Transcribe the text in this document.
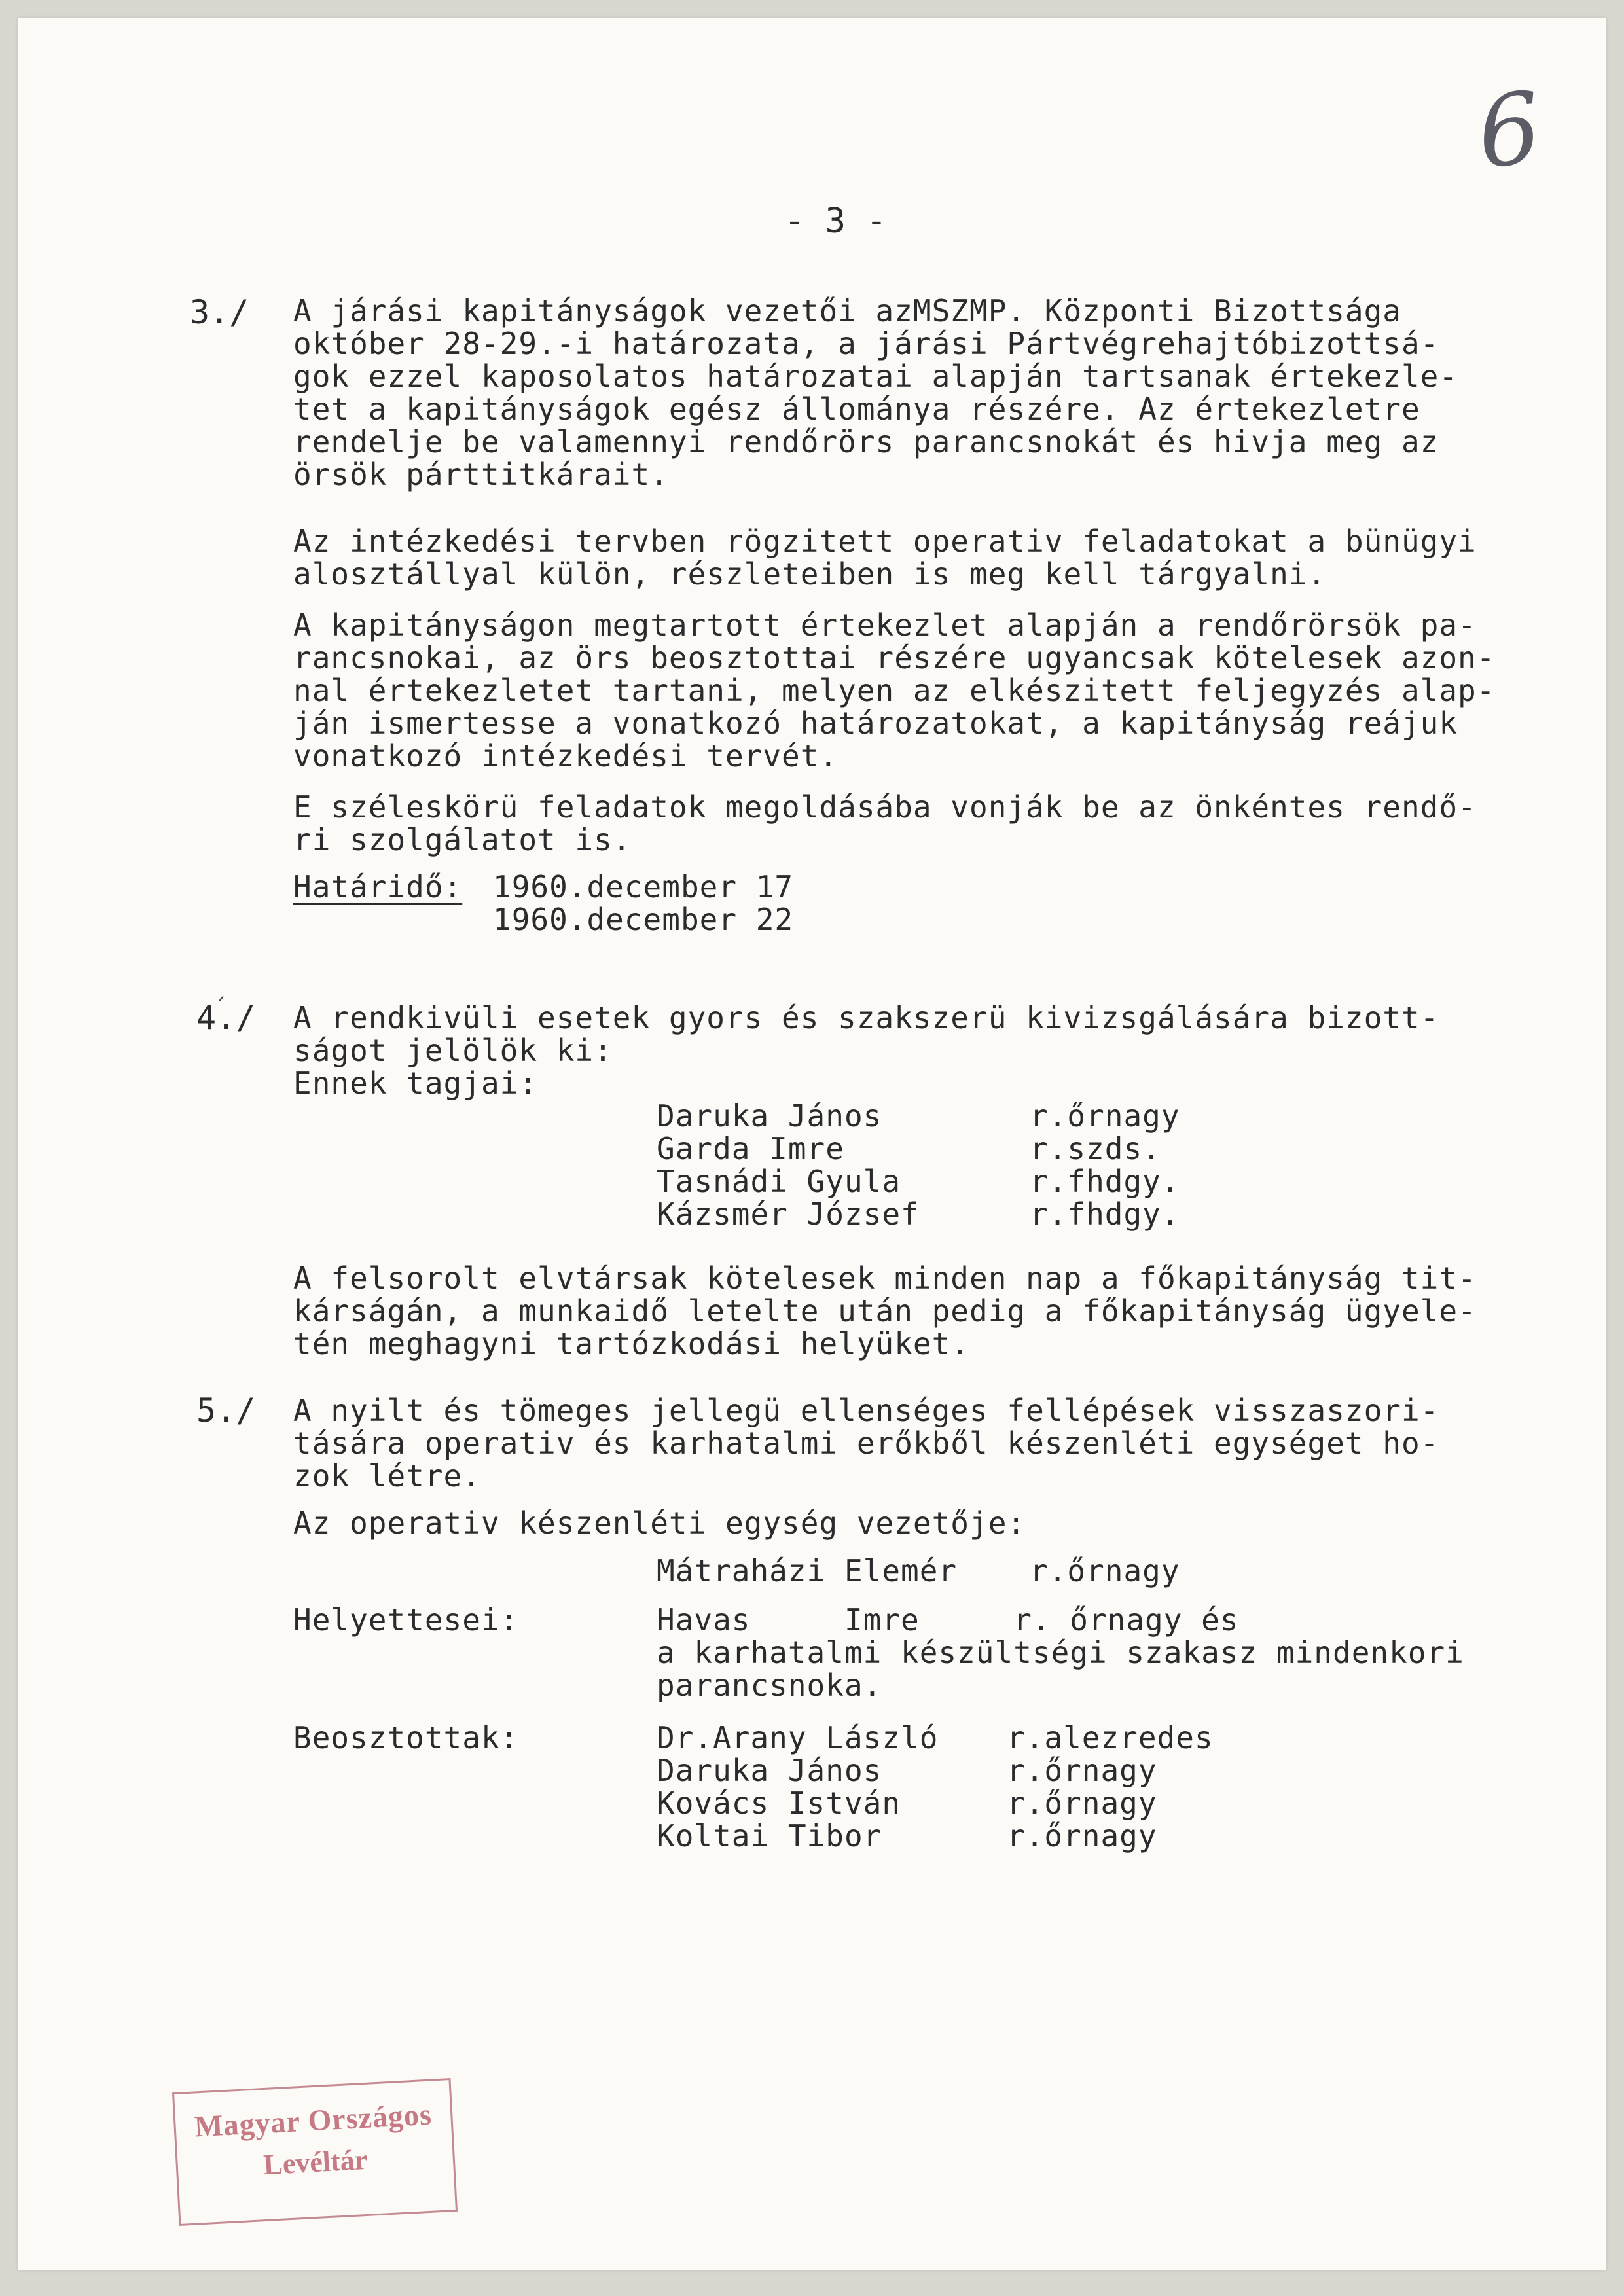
6
- 3 -
3./ A járási kapitányságok vezetői azMSZMP. Központi Bizottsága
október 28-29.-i határozata, a járási Pártvégrehajtóbizottsá-
gok ezzel kaposolatos határozatai alapján tartsanak értekezle-
tet a kapitányságok egész állománya részére. Az értekezletre
rendelje be valamennyi rendőrörs parancsnokát és hivja meg az
örsök párttitkárait.
Az intézkedési tervben rögzitett operativ feladatokat a bünügyi
alosztállyal külön, részleteiben is meg kell tárgyalni.
A kapitányságon megtartott értekezlet alapján a rendőrörsök pa-
rancsnokai, az örs beosztottai részére ugyancsak kötelesek azon-
nal értekezletet tartani, melyen az elkészitett feljegyzés alap-
ján ismertesse a vonatkozó határozatokat, a kapitányság reájuk
vonatkozó intézkedési tervét.
E széleskörü feladatok megoldásába vonják be az önkéntes rendő-
ri szolgálatot is.
Határidő: 1960.december 17
1960.december 22
ˏ
4./ A rendkivüli esetek gyors és szakszerü kivizsgálására bizott-
ságot jelölök ki:
Ennek tagjai:
Daruka János	r.őrnagy
Garda Imre	r.szds.
Tasnádi Gyula	r.fhdgy.
Kázsmér József	r.fhdgy.
A felsorolt elvtársak kötelesek minden nap a főkapitányság tit-
kárságán, a munkaidő letelte után pedig a főkapitányság ügyele-
tén meghagyni tartózkodási helyüket.
5./ A nyilt és tömeges jellegü ellenséges fellépések visszaszori-
tására operativ és karhatalmi erőkből készenléti egységet ho-
zok létre.
Az operativ készenléti egység vezetője:
Mátraházi Elemér r.őrnagy
Helyettesei:	Havas     Imre     r. őrnagy és
a karhatalmi készültségi szakasz mindenkori
parancsnoka.
Beosztottak:	Dr.Arany László r.alezredes
Daruka János	r.őrnagy
Kovács István	r.őrnagy
Koltai Tibor	r.őrnagy
Magyar Országos
Levéltár
